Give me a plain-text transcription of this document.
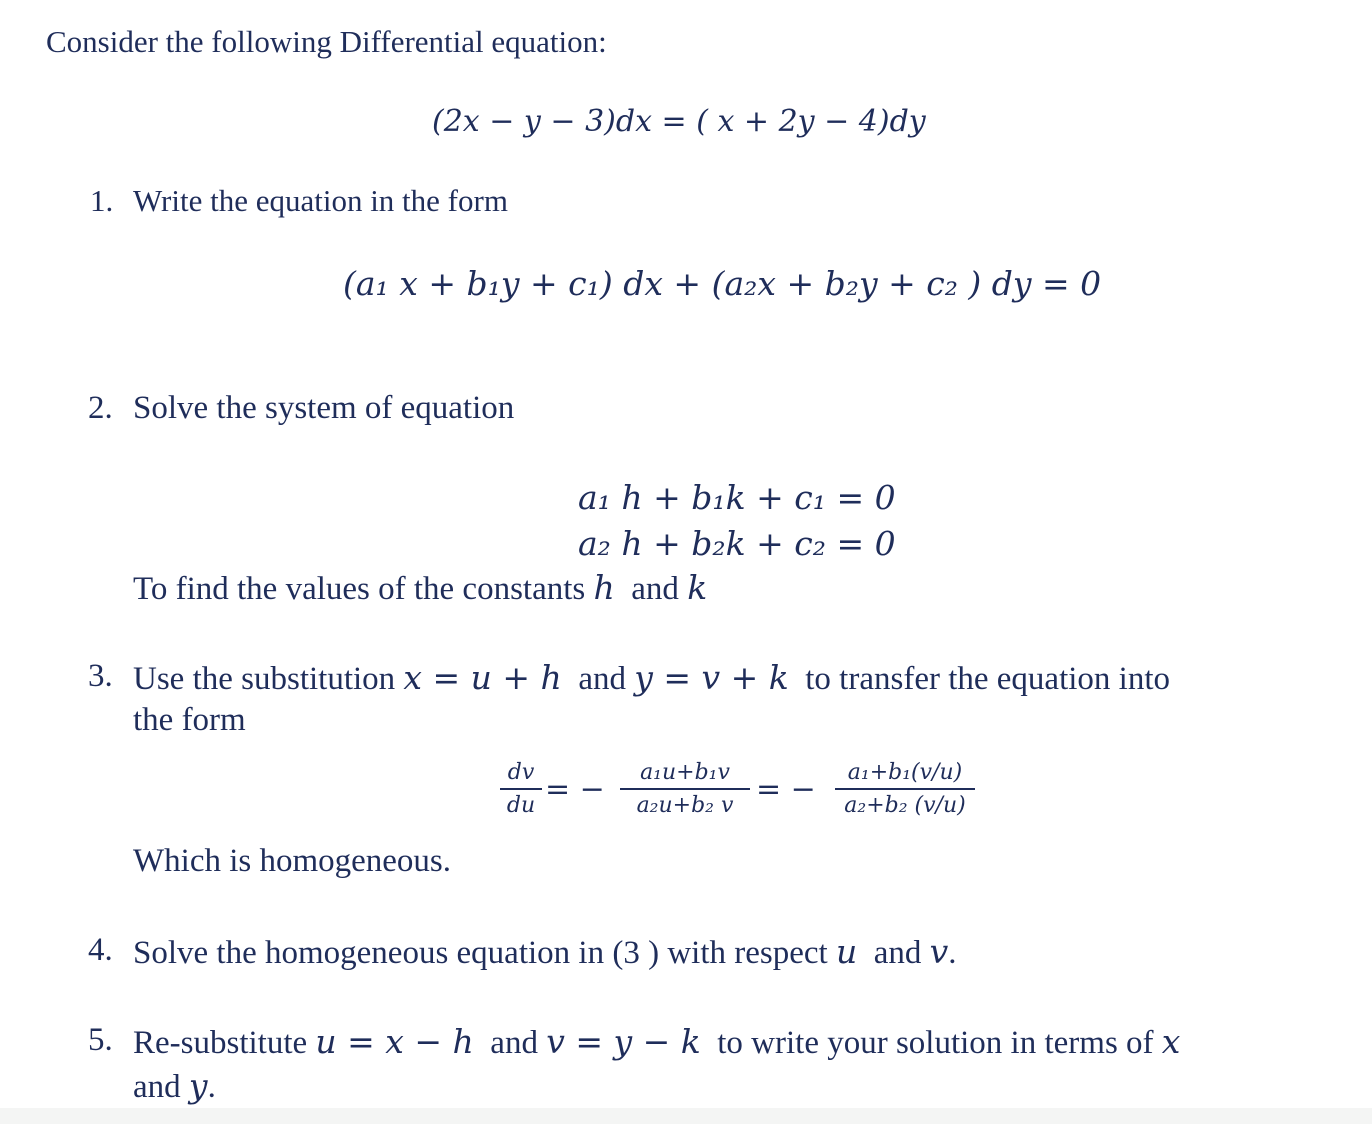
Consider the following Differential equation:
(2x − y − 3)dx = ( x + 2y − 4)dy
1. Write the equation in the form
(a₁ x + b₁y + c₁) dx + (a₂x + b₂y + c₂ ) dy = 0
2. Solve the system of equation
a₁ h + b₁k + c₁ = 0
a₂ h + b₂k + c₂ = 0
To find the values of the constants h and k
3. Use the substitution x = u + h and y = v + k to transfer the equation into
the form
dv
du = −	a₁u+b₁v
a₂u+b₂ v = −	a₁+b₁(v/u)
a₂+b₂ (v/u)
Which is homogeneous.
4. Solve the homogeneous equation in (3 ) with respect u and v.
5. Re-substitute u = x − h and v = y − k to write your solution in terms of x
and y.
